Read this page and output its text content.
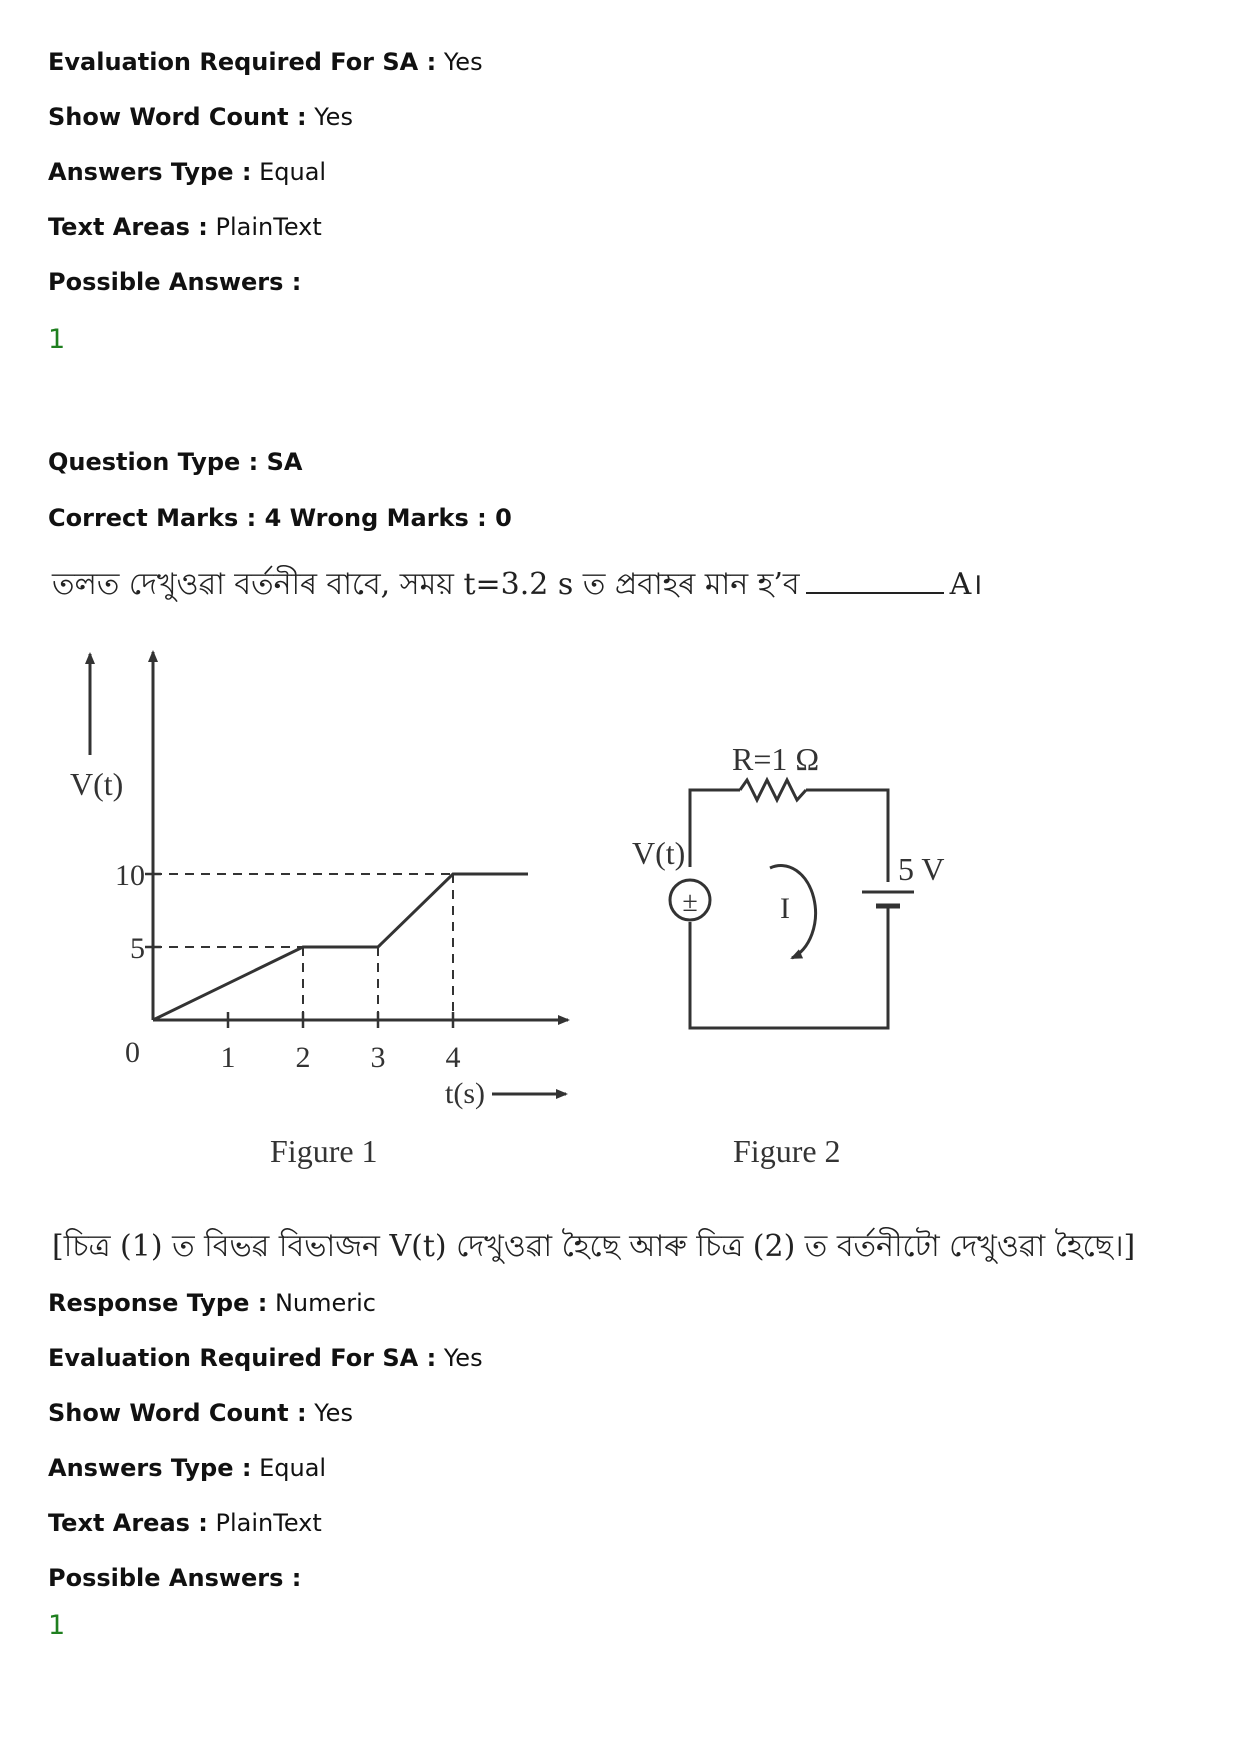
Evaluation Required For SA : Yes
Show Word Count : Yes
Answers Type : Equal
Text Areas : PlainText
Possible Answers :
1
Question Type : SA
Correct Marks : 4 Wrong Marks : 0
তলত দেখুওৱা বৰ্তনীৰ বাবে, সময় t=3.2 s ত প্ৰবাহৰ মান হ’ব	A।
V(t)
t(s)
Figure 1
1 2 3 4
0
5
10
R=1 Ω
±
V(t)	5 V
I
Figure 2
[চিত্ৰ (1) ত বিভৱ বিভাজন V(t) দেখুওৱা হৈছে আৰু চিত্ৰ (2) ত বৰ্তনীটো দেখুওৱা হৈছে।]
Response Type : Numeric
Evaluation Required For SA : Yes
Show Word Count : Yes
Answers Type : Equal
Text Areas : PlainText
Possible Answers :
1
